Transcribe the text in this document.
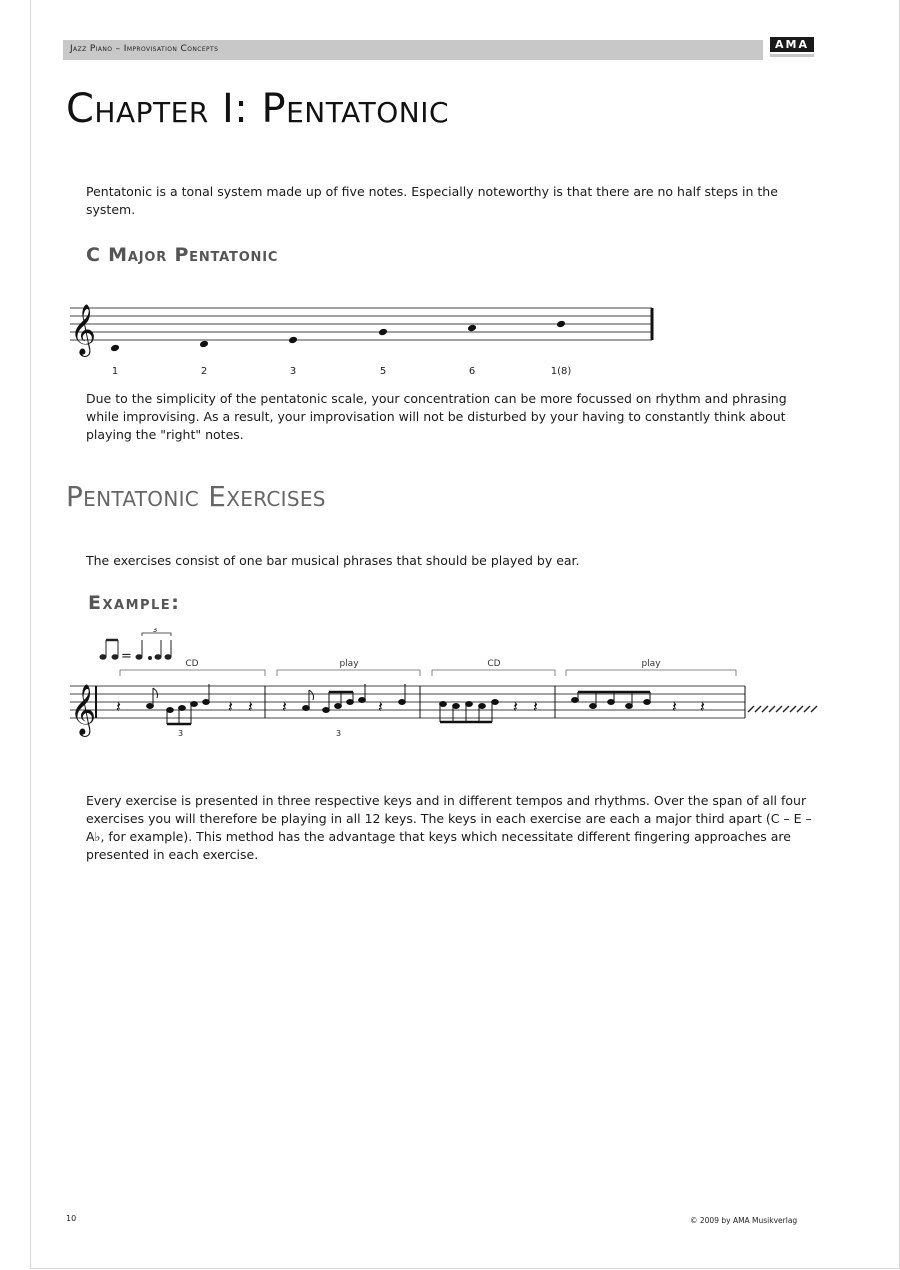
Jazz Piano – Improvisation Concepts	AMA
Chapter I: Pentatonic

Pentatonic is a tonal system made up of five notes. Especially noteworthy is that there are no half steps in the system.

C Major Pentatonic
𝄞
1	2	3	5	6	1(8)

Due to the simplicity of the pentatonic scale, your concentration can be more focussed on rhythm and phrasing while improvising. As a result, your improvisation will not be disturbed by your having to constantly think about playing the "right" notes.

Pentatonic Exercises

The exercises consist of one bar musical phrases that should be played by ear.

Example:
=
3
CD	play	CD	play
𝄞 𝄽	𝄽 𝄽
3
𝄽	𝄽
3
𝄽 𝄽	𝄽 𝄽

Every exercise is presented in three respective keys and in different tempos and rhythms. Over the span of all four exercises you will therefore be playing in all 12 keys. The keys in each exercise are each a major third apart (C – E – A♭, for example). This method has the advantage that keys which necessitate different fingering approaches are presented in each exercise.

10	© 2009 by AMA Musikverlag
